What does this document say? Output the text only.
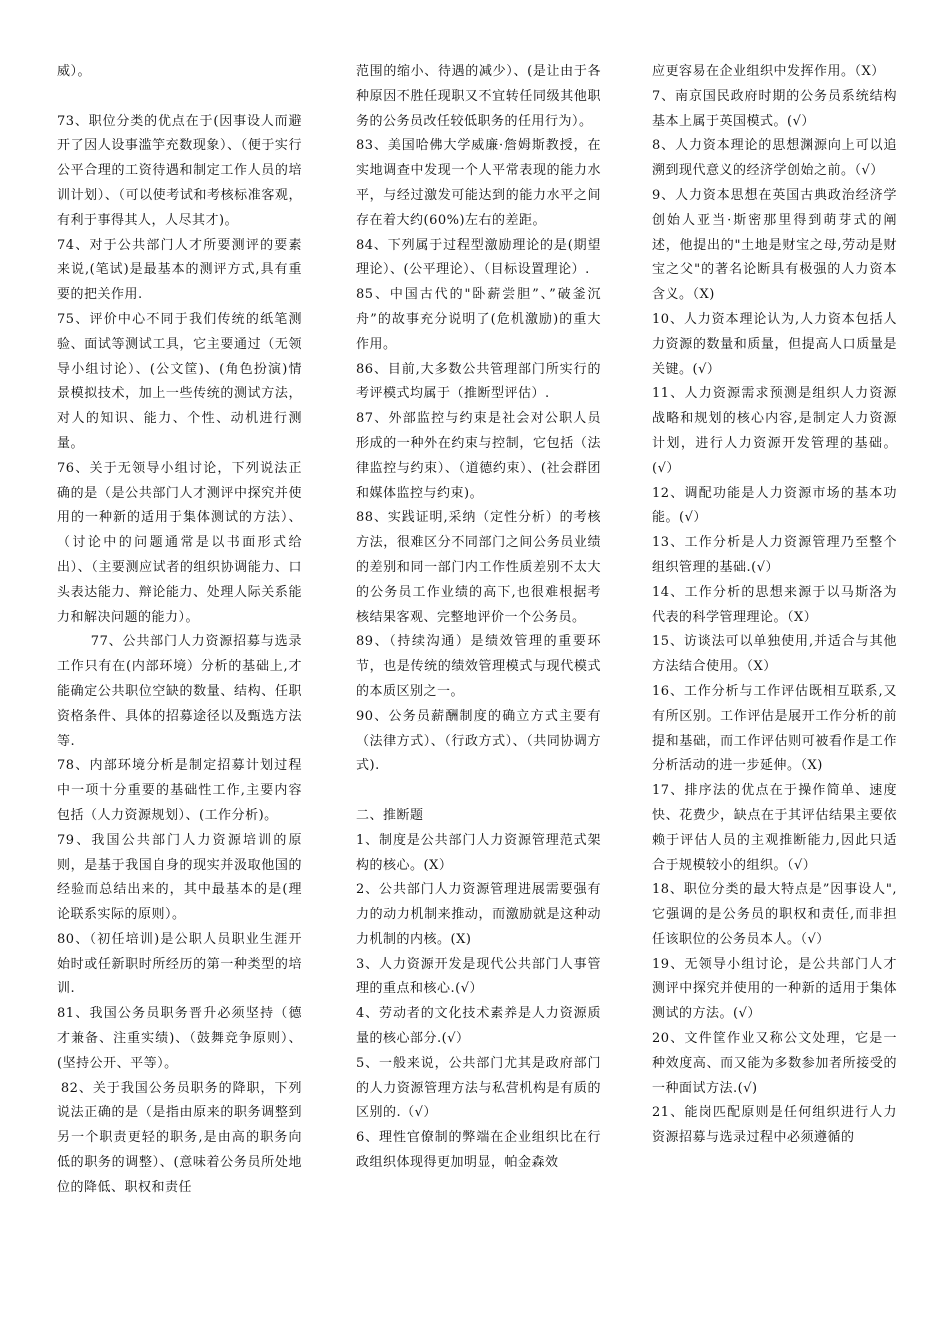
威）。

73、职位分类的优点在于(因事设人而避开了因人设事滥竽充数现象）、（便于实行公平合理的工资待遇和制定工作人员的培训计划）、（可以使考试和考核标准客观，有利于事得其人，人尽其才)。

74、对于公共部门人才所要测评的要素来说,(笔试)是最基本的测评方式,具有重要的把关作用.

75、评价中心不同于我们传统的纸笔测验、面试等测试工具，它主要通过（无领导小组讨论）、(公文筐)、(角色扮演)情景模拟技术，加上一些传统的测试方法，对人的知识、能力、个性、动机进行测量。

76、关于无领导小组讨论，下列说法正确的是（是公共部门人才测评中探究并使用的一种新的适用于集体测试的方法）、（讨论中的问题通常是以书面形式给出）、（主要测应试者的组织协调能力、口头表达能力、辩论能力、处理人际关系能力和解决问题的能力）。

77、公共部门人力资源招募与选录工作只有在(内部环境）分析的基础上,才能确定公共职位空缺的数量、结构、任职资格条件、具体的招募途径以及甄选方法等.

78、内部环境分析是制定招募计划过程中一项十分重要的基础性工作,主要内容包括（人力资源规划）、(工作分析)。

79、我国公共部门人力资源培训的原则，是基于我国自身的现实并汲取他国的经验而总结出来的，其中最基本的是(理论联系实际的原则）。

80、（初任培训)是公职人员职业生涯开始时或任新职时所经历的第一种类型的培训.

81、我国公务员职务晋升必须坚持（德才兼备、注重实绩)、（鼓舞竞争原则）、(坚持公开、平等）。

82、关于我国公务员职务的降职，下列说法正确的是（是指由原来的职务调整到另一个职责更轻的职务,是由高的职务向低的职务的调整）、(意味着公务员所处地位的降低、职权和责任

范围的缩小、待遇的减少）、(是让由于各种原因不胜任现职又不宜转任同级其他职务的公务员改任较低职务的任用行为）。

83、美国哈佛大学威廉·詹姆斯教授，在实地调查中发现一个人平常表现的能力水平，与经过激发可能达到的能力水平之间存在着大约(60%)左右的差距。

84、下列属于过程型激励理论的是(期望理论）、(公平理论）、（目标设置理论）.

85、中国古代的"卧薪尝胆”、”破釜沉舟”的故事充分说明了(危机激励)的重大作用。

86、目前,大多数公共管理部门所实行的考评模式均属于（推断型评估）.

87、外部监控与约束是社会对公职人员形成的一种外在约束与控制，它包括（法律监控与约束）、（道德约束）、(社会群团和媒体监控与约束)。

88、实践证明,采纳（定性分析）的考核方法，很难区分不同部门之间公务员业绩的差别和同一部门内工作性质差别不太大的公务员工作业绩的高下,也很难根据考核结果客观、完整地评价一个公务员。

89、（持续沟通）是绩效管理的重要环节，也是传统的绩效管理模式与现代模式的本质区别之一。

90、公务员薪酬制度的确立方式主要有（法律方式）、（行政方式）、（共同协调方式).

二、推断题

1、制度是公共部门人力资源管理范式架构的核心。(X）

2、公共部门人力资源管理进展需要强有力的动力机制来推动，而激励就是这种动力机制的内核。(X)

3、人力资源开发是现代公共部门人事管理的重点和核心.(√）

4、劳动者的文化技术素养是人力资源质量的核心部分.(√）

5、一般来说，公共部门尤其是政府部门的人力资源管理方法与私营机构是有质的区别的.（√）

6、理性官僚制的弊端在企业组织比在行政组织体现得更加明显，帕金森效

应更容易在企业组织中发挥作用。（X）

7、南京国民政府时期的公务员系统结构基本上属于英国模式。(√）

8、人力资本理论的思想渊源向上可以追溯到现代意义的经济学创始之前。（√）

9、人力资本思想在英国古典政治经济学创始人亚当·斯密那里得到萌芽式的阐述，他提出的"土地是财宝之母,劳动是财宝之父"的著名论断具有极强的人力资本含义。（X)

10、人力资本理论认为,人力资本包括人力资源的数量和质量，但提高人口质量是关键。(√）

11、人力资源需求预测是组织人力资源战略和规划的核心内容,是制定人力资源计划，进行人力资源开发管理的基础。(√）

12、调配功能是人力资源市场的基本功能。(√）

13、工作分析是人力资源管理乃至整个组织管理的基础.(√）

14、工作分析的思想来源于以马斯洛为代表的科学管理理论。（X）

15、访谈法可以单独使用,并适合与其他方法结合使用。（X）

16、工作分析与工作评估既相互联系,又有所区别。工作评估是展开工作分析的前提和基础，而工作评估则可被看作是工作分析活动的进一步延伸。（X)

17、排序法的优点在于操作简单、速度快、花费少，缺点在于其评估结果主要依赖于评估人员的主观推断能力,因此只适合于规模较小的组织。（√）

18、职位分类的最大特点是”因事设人",它强调的是公务员的职权和责任,而非担任该职位的公务员本人。（√）

19、无领导小组讨论，是公共部门人才测评中探究并使用的一种新的适用于集体测试的方法。(√）

20、文件筐作业又称公文处理，它是一种效度高、而又能为多数参加者所接受的一种面试方法.(√)

21、能岗匹配原则是任何组织进行人力资源招募与选录过程中必须遵循的
